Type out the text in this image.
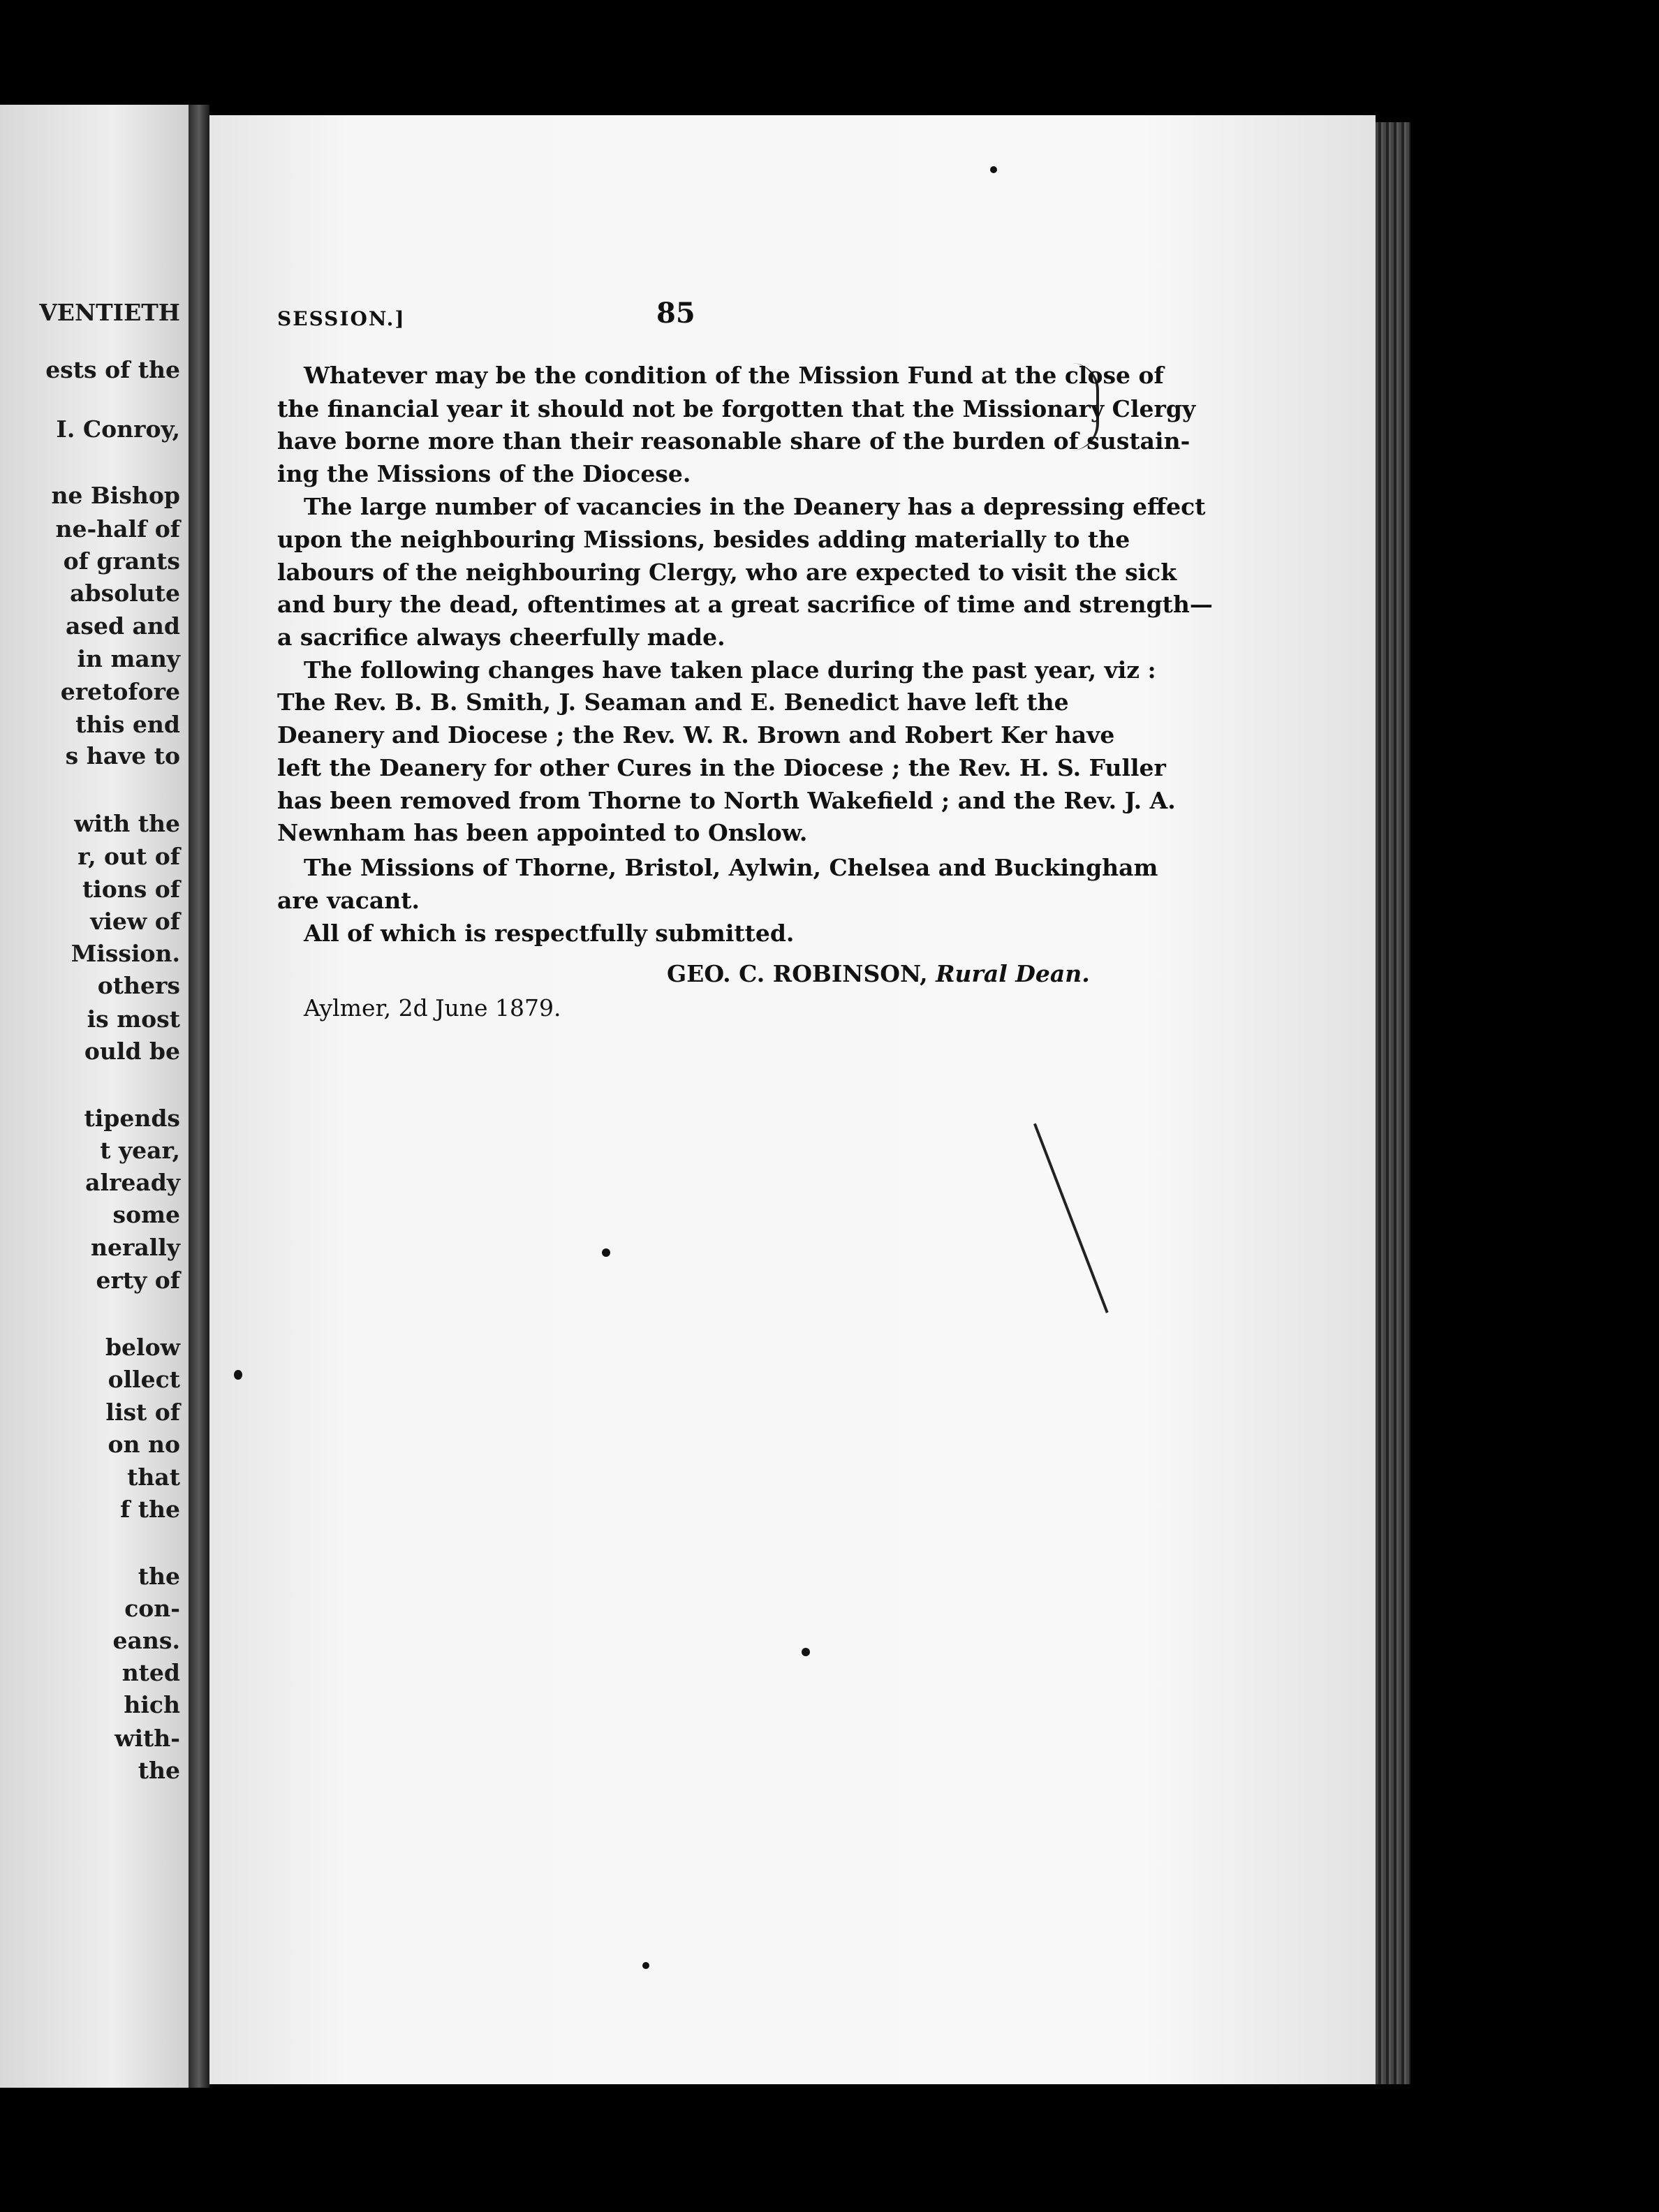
VENTIETH
ests of the
I. Conroy,
ne Bishop
ne-half of
of grants
absolute
ased and
in many
eretofore
this end
s have to
with the
r, out of
tions of
view of
Mission.
others
is most
ould be
tipends
t year,
already
some
nerally
erty of
below
ollect
list of
on no
that
f the
the
con-
eans.
nted
hich
with-
the
SESSION.]	85
Whatever may be the condition of the Mission Fund at the close of
the financial year it should not be forgotten that the Missionary Clergy
have borne more than their reasonable share of the burden of sustain-
ing the Missions of the Diocese.
The large number of vacancies in the Deanery has a depressing effect
upon the neighbouring Missions, besides adding materially to the
labours of the neighbouring Clergy, who are expected to visit the sick
and bury the dead, oftentimes at a great sacrifice of time and strength—
a sacrifice always cheerfully made.
The following changes have taken place during the past year, viz :
The Rev. B. B. Smith, J. Seaman and E. Benedict have left the
Deanery and Diocese ; the Rev. W. R. Brown and Robert Ker have
left the Deanery for other Cures in the Diocese ; the Rev. H. S. Fuller
has been removed from Thorne to North Wakefield ; and the Rev. J. A.
Newnham has been appointed to Onslow.
The Missions of Thorne, Bristol, Aylwin, Chelsea and Buckingham
are vacant.
All of which is respectfully submitted.
GEO. C. ROBINSON, Rural Dean.
Aylmer, 2d June 1879.
